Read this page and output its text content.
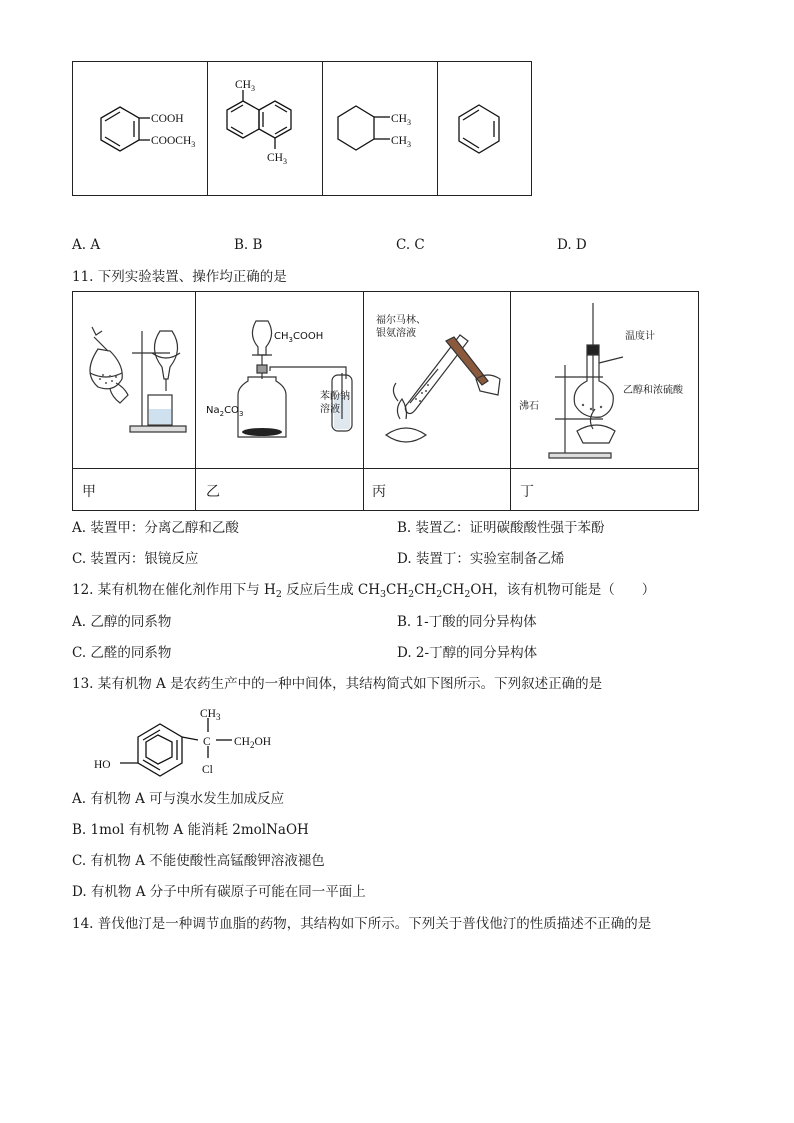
COOH
$COOCH_3$
$CH_3$
$CH_3$
$CH_3$
$CH_3$
A. A	B. B	C. C	D. D
11. 下列实验装置、操作均正确的是
$CH_3COOH$
$Na_2CO_3$
苯酚钠
溶液
福尔马林、
银氨溶液	温度计
乙醇和浓硫酸
沸石
甲	乙	丙	丁
A. 装置甲：分离乙醇和乙酸	B. 装置乙：证明碳酸酸性强于苯酚
C. 装置丙：银镜反应	D. 装置丁：实验室制备乙烯
12. 某有机物在催化剂作用下与 $H_2$ 反应后生成 $CH_3CH_2CH_2CH_2OH$，该有机物可能是（　　）
A. 乙醇的同系物	B. 1-丁酸的同分异构体
C. 乙醛的同系物	D. 2-丁醇的同分异构体
13. 某有机物 A 是农药生产中的一种中间体，其结构简式如下图所示。下列叙述正确的是
$CH_3$
C $CH_2OH$
HO	Cl
A. 有机物 A 可与溴水发生加成反应
B. 1mol 有机物 A 能消耗 2molNaOH
C. 有机物 A 不能使酸性高锰酸钾溶液褪色
D. 有机物 A 分子中所有碳原子可能在同一平面上
14. 普伐他汀是一种调节血脂的药物，其结构如下所示。下列关于普伐他汀的性质描述不正确的是
